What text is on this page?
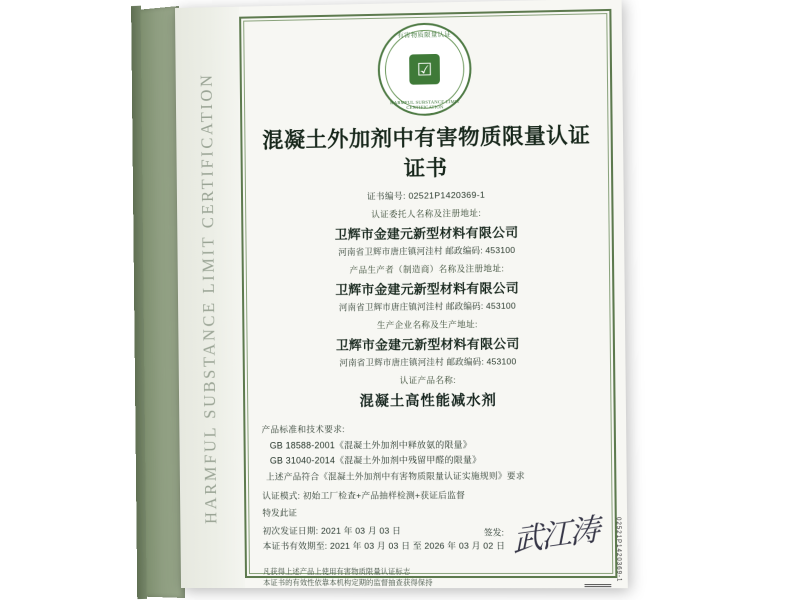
HARMFUL SUBSTANCE LIMIT CERTIFICATION
有害物质限量认证
☑
HARMFUL SUBSTANCE LIMIT CERTIFICATION
混凝土外加剂中有害物质限量认证证书
证书编号: 02521P1420369-1
认证委托人名称及注册地址:
卫辉市金建元新型材料有限公司
河南省卫辉市唐庄镇河洼村 邮政编码: 453100
产品生产者（制造商）名称及注册地址:
卫辉市金建元新型材料有限公司
河南省卫辉市唐庄镇河洼村 邮政编码: 453100
生产企业名称及生产地址:
卫辉市金建元新型材料有限公司
河南省卫辉市唐庄镇河洼村 邮政编码: 453100
认证产品名称:
混凝土高性能减水剂
产品标准和技术要求:
GB 18588-2001《混凝土外加剂中释放氨的限量》
GB 31040-2014《混凝土外加剂中残留甲醛的限量》
上述产品符合《混凝土外加剂中有害物质限量认证实施规则》要求
认证模式: 初始工厂检查+产品抽样检测+获证后监督
特发此证
初次发证日期: 2021 年 03 月 03 日
本证书有效期至: 2021 年 03 月 03 日 至 2026 年 03 月 02 日
签发: 武江涛
凡获得上述产品上使用有害物质限量认证标志
本证书的有效性依靠本机构定期的监督抽查获得保持
02521P1420369-1
